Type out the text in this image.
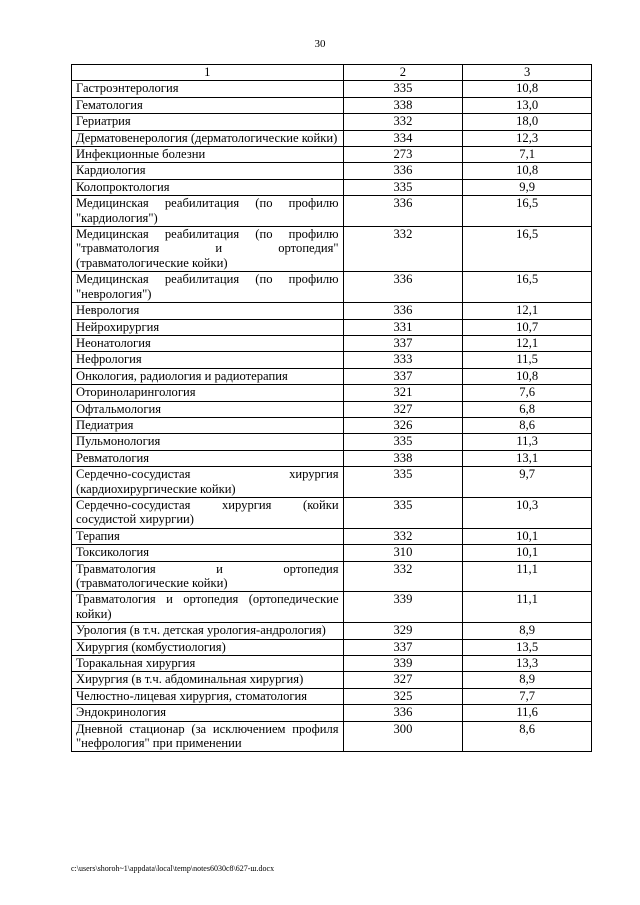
30
1	2	3
Гастроэнтерология	335	10,8
Гематология	338	13,0
Гериатрия	332	18,0
Дерматовенерология (дерматологические койки)	334	12,3
Инфекционные болезни	273	7,1
Кардиология	336	10,8
Колопроктология	335	9,9
Медицинская реабилитация (по профилю "кардиология")	336	16,5
Медицинская реабилитация (по профилю "травматология и ортопедия" (травматологические койки)	332	16,5
Медицинская реабилитация (по профилю "неврология")	336	16,5
Неврология	336	12,1
Нейрохирургия	331	10,7
Неонатология	337	12,1
Нефрология	333	11,5
Онкология, радиология и радиотерапия	337	10,8
Оториноларингология	321	7,6
Офтальмология	327	6,8
Педиатрия	326	8,6
Пульмонология	335	11,3
Ревматология	338	13,1
Сердечно-сосудистая хирургия (кардиохирургические койки)	335	9,7
Сердечно-сосудистая хирургия (койки сосудистой хирургии)	335	10,3
Терапия	332	10,1
Токсикология	310	10,1
Травматология и ортопедия (травматологические койки)	332	11,1
Травматология и ортопедия (ортопедические койки)	339	11,1
Урология (в т.ч. детская урология-андрология)	329	8,9
Хирургия (комбустиология)	337	13,5
Торакальная хирургия	339	13,3
Хирургия (в т.ч. абдоминальная хирургия)	327	8,9
Челюстно-лицевая хирургия, стоматология	325	7,7
Эндокринология	336	11,6
Дневной стационар (за исключением профиля "нефрология" при применении	300	8,6
c:\users\shoroh~1\appdata\local\temp\notes6030c8\627-ш.docx
